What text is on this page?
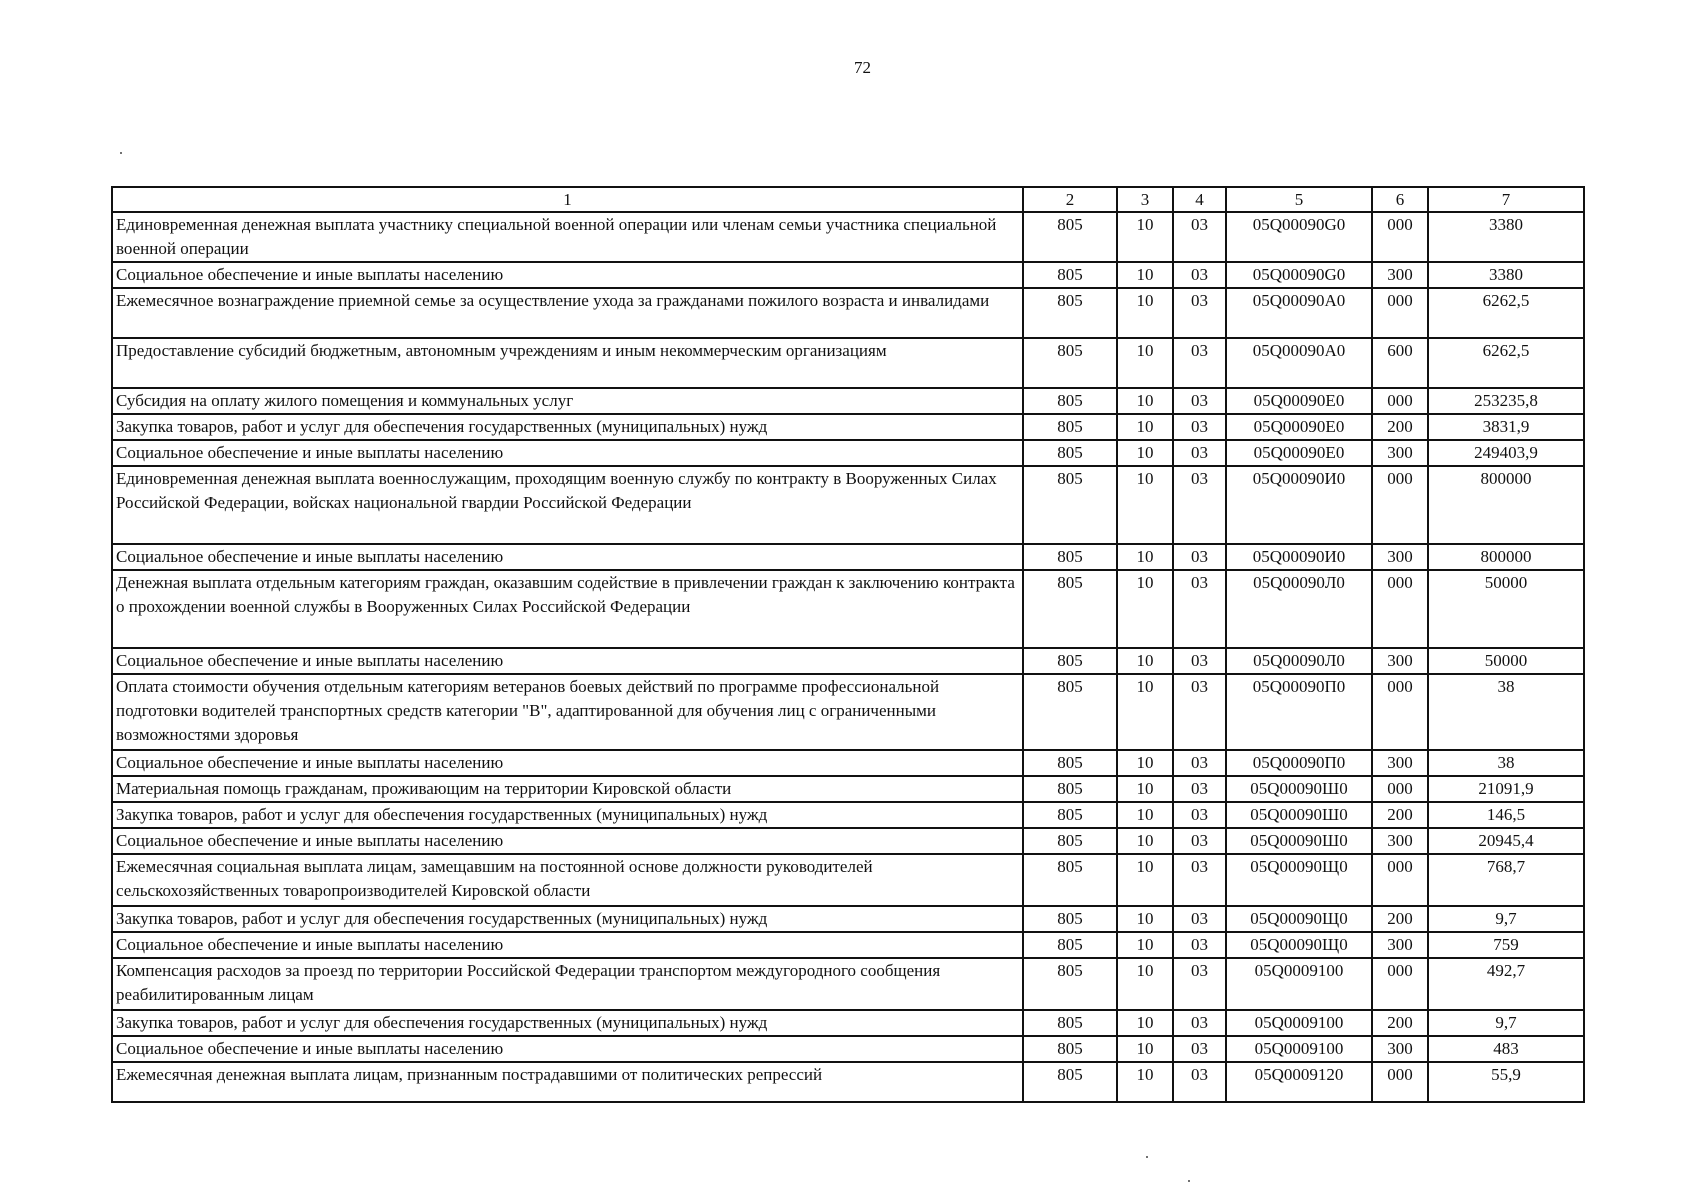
72
1	2	3	4	5	6	7
Единовременная денежная выплата участнику специальной военной операции или членам семьи участника специальной военной операции	805	10	03	05Q00090G0	000	3380
Социальное обеспечение и иные выплаты населению	805	10	03	05Q00090G0	300	3380
Ежемесячное вознаграждение приемной семье за осуществление ухода за гражданами пожилого возраста и инвалидами	805	10	03	05Q00090A0	000	6262,5
Предоставление субсидий бюджетным, автономным учреждениям и иным некоммерческим организациям	805	10	03	05Q00090A0	600	6262,5
Субсидия на оплату жилого помещения и коммунальных услуг	805	10	03	05Q00090E0	000	253235,8
Закупка товаров, работ и услуг для обеспечения государственных (муниципальных) нужд	805	10	03	05Q00090E0	200	3831,9
Социальное обеспечение и иные выплаты населению	805	10	03	05Q00090E0	300	249403,9
Единовременная денежная выплата военнослужащим, проходящим военную службу по контракту в Вооруженных Силах Российской Федерации, войсках национальной гвардии Российской Федерации	805	10	03	05Q00090И0	000	800000
Социальное обеспечение и иные выплаты населению	805	10	03	05Q00090И0	300	800000
Денежная выплата отдельным категориям граждан, оказавшим содействие в привлечении граждан к заключению контракта о прохождении военной службы в Вооруженных Силах Российской Федерации	805	10	03	05Q00090Л0	000	50000
Социальное обеспечение и иные выплаты населению	805	10	03	05Q00090Л0	300	50000
Оплата стоимости обучения отдельным категориям ветеранов боевых действий по программе профессиональной подготовки водителей транспортных средств категории "В", адаптированной для обучения лиц с ограниченными возможностями здоровья	805	10	03	05Q00090П0	000	38
Социальное обеспечение и иные выплаты населению	805	10	03	05Q00090П0	300	38
Материальная помощь гражданам, проживающим на территории Кировской области	805	10	03	05Q00090Ш0	000	21091,9
Закупка товаров, работ и услуг для обеспечения государственных (муниципальных) нужд	805	10	03	05Q00090Ш0	200	146,5
Социальное обеспечение и иные выплаты населению	805	10	03	05Q00090Ш0	300	20945,4
Ежемесячная социальная выплата лицам, замещавшим на постоянной основе должности руководителей сельскохозяйственных товаропроизводителей Кировской области	805	10	03	05Q00090Щ0	000	768,7
Закупка товаров, работ и услуг для обеспечения государственных (муниципальных) нужд	805	10	03	05Q00090Щ0	200	9,7
Социальное обеспечение и иные выплаты населению	805	10	03	05Q00090Щ0	300	759
Компенсация расходов за проезд по территории Российской Федерации транспортом междугородного сообщения реабилитированным лицам	805	10	03	05Q0009100	000	492,7
Закупка товаров, работ и услуг для обеспечения государственных (муниципальных) нужд	805	10	03	05Q0009100	200	9,7
Социальное обеспечение и иные выплаты населению	805	10	03	05Q0009100	300	483
Ежемесячная денежная выплата лицам, признанным пострадавшими от политических репрессий	805	10	03	05Q0009120	000	55,9
